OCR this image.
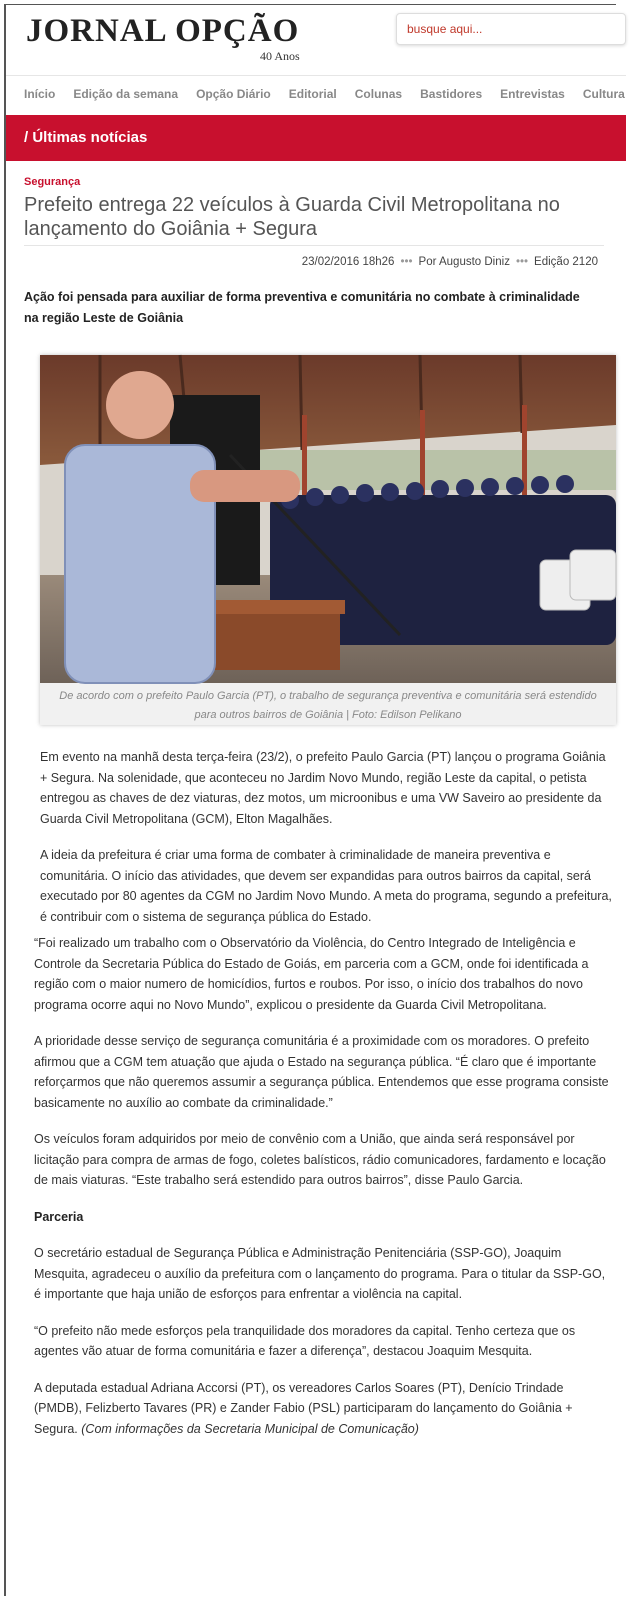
JORNAL OPÇÃO
40 Anos
busque aqui...
Início Edição da semana Opção Diário Editorial Colunas Bastidores Entrevistas Cultura
/ Últimas notícias
Segurança
Prefeito entrega 22 veículos à Guarda Civil Metropolitana no lançamento do Goiânia + Segura
23/02/2016 18h26 ••• Por Augusto Diniz ••• Edição 2120
Ação foi pensada para auxiliar de forma preventiva e comunitária no combate à criminalidade na região Leste de Goiânia
De acordo com o prefeito Paulo Garcia (PT), o trabalho de segurança preventiva e comunitária será estendido para outros bairros de Goiânia | Foto: Edilson Pelikano

Em evento na manhã desta terça-feira (23/2), o prefeito Paulo Garcia (PT) lançou o programa Goiânia + Segura. Na solenidade, que aconteceu no Jardim Novo Mundo, região Leste da capital, o petista entregou as chaves de dez viaturas, dez motos, um microonibus e uma VW Saveiro ao presidente da Guarda Civil Metropolitana (GCM), Elton Magalhães.

A ideia da prefeitura é criar uma forma de combater à criminalidade de maneira preventiva e comunitária. O início das atividades, que devem ser expandidas para outros bairros da capital, será executado por 80 agentes da CGM no Jardim Novo Mundo. A meta do programa, segundo a prefeitura, é contribuir com o sistema de segurança pública do Estado.

“Foi realizado um trabalho com o Observatório da Violência, do Centro Integrado de Inteligência e Controle da Secretaria Pública do Estado de Goiás, em parceria com a GCM, onde foi identificada a região com o maior numero de homicídios, furtos e roubos. Por isso, o início dos trabalhos do novo programa ocorre aqui no Novo Mundo”, explicou o presidente da Guarda Civil Metropolitana.

A prioridade desse serviço de segurança comunitária é a proximidade com os moradores. O prefeito afirmou que a CGM tem atuação que ajuda o Estado na segurança pública. “É claro que é importante reforçarmos que não queremos assumir a segurança pública. Entendemos que esse programa consiste basicamente no auxílio ao combate da criminalidade.”

Os veículos foram adquiridos por meio de convênio com a União, que ainda será responsável por licitação para compra de armas de fogo, coletes balísticos, rádio comunicadores, fardamento e locação de mais viaturas. “Este trabalho será estendido para outros bairros”, disse Paulo Garcia.

Parceria

O secretário estadual de Segurança Pública e Administração Penitenciária (SSP-GO), Joaquim Mesquita, agradeceu o auxílio da prefeitura com o lançamento do programa. Para o titular da SSP-GO, é importante que haja união de esforços para enfrentar a violência na capital.

“O prefeito não mede esforços pela tranquilidade dos moradores da capital. Tenho certeza que os agentes vão atuar de forma comunitária e fazer a diferença”, destacou Joaquim Mesquita.

A deputada estadual Adriana Accorsi (PT), os vereadores Carlos Soares (PT), Denício Trindade (PMDB), Felizberto Tavares (PR) e Zander Fabio (PSL) participaram do lançamento do Goiânia + Segura. (Com informações da Secretaria Municipal de Comunicação)
